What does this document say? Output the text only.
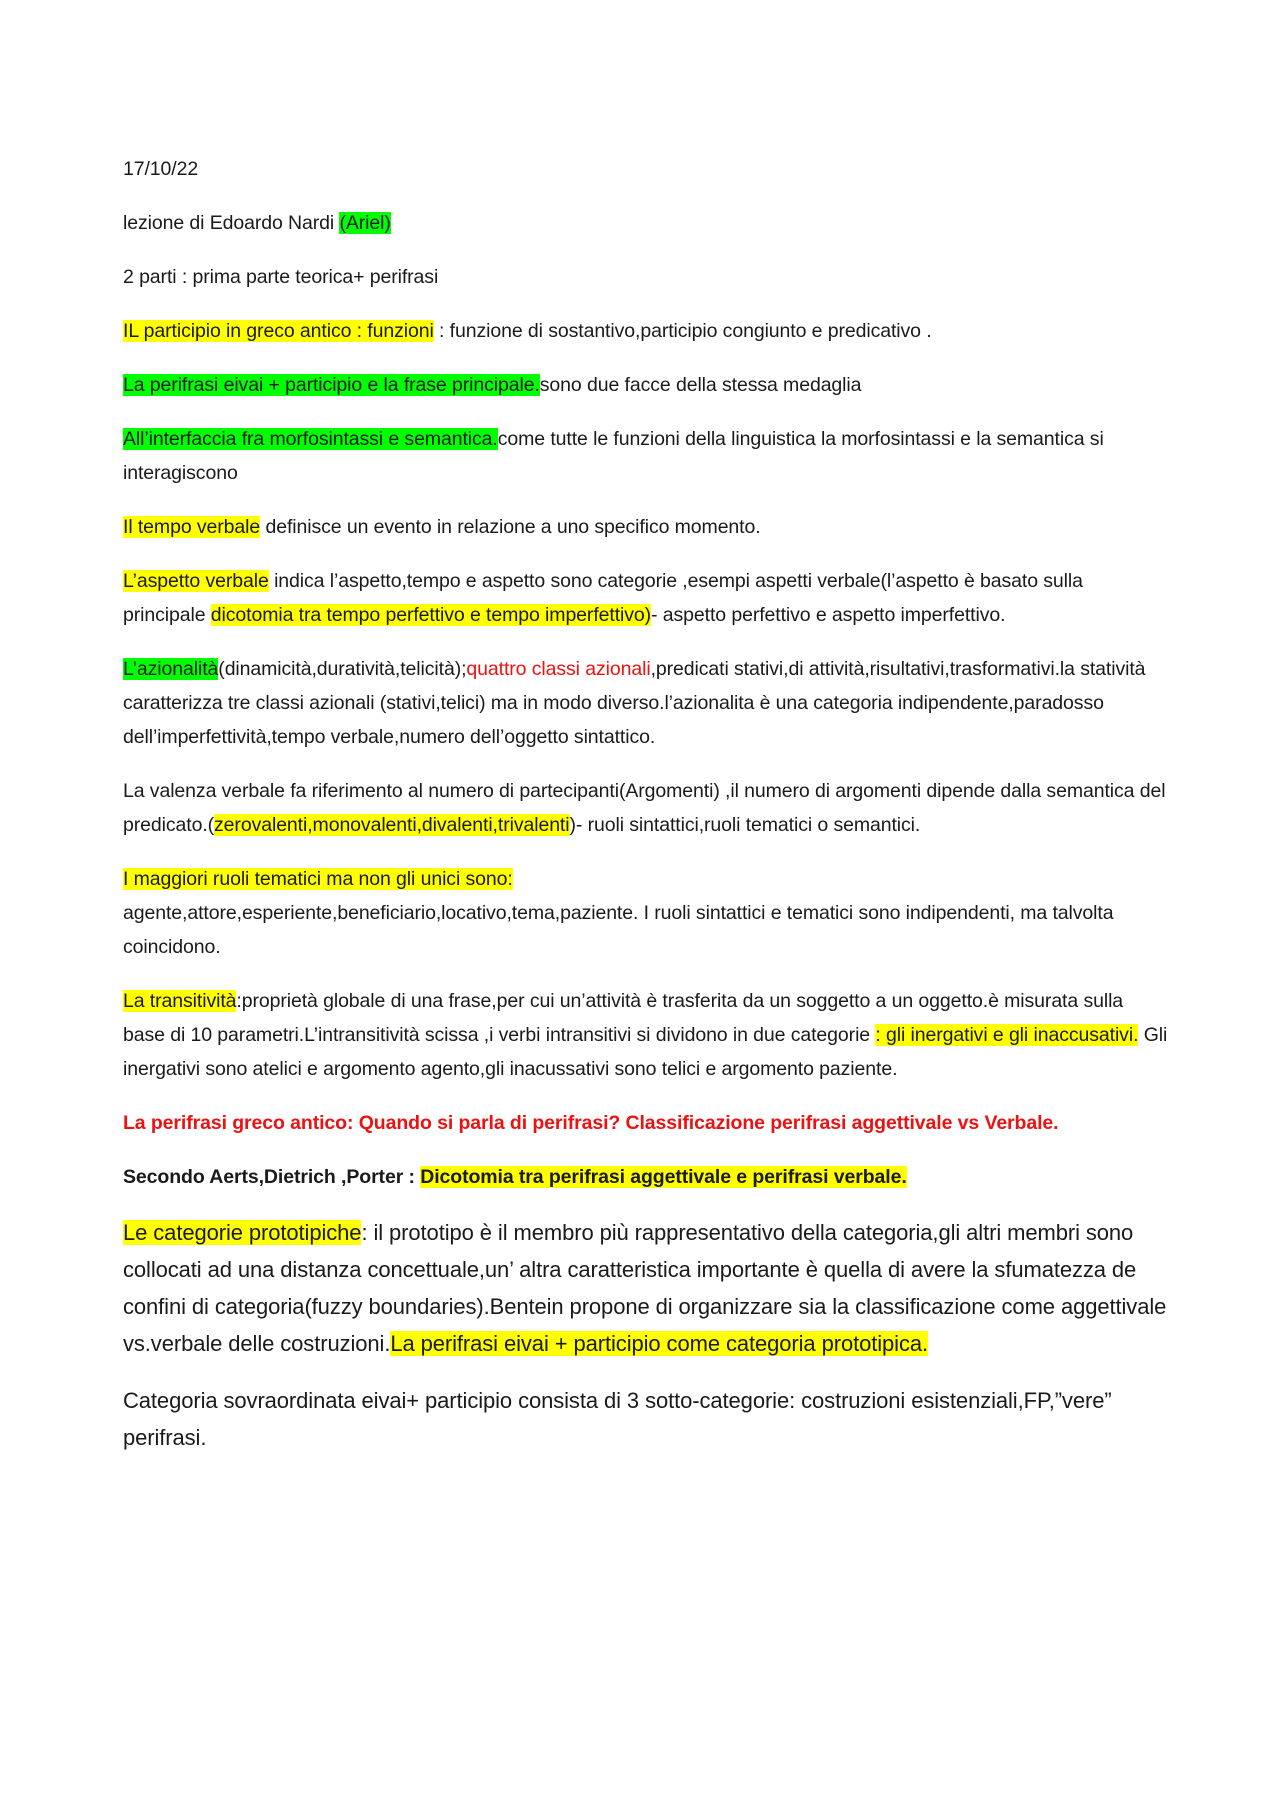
17/10/22

lezione di Edoardo Nardi (Ariel)

2 parti : prima parte teorica+ perifrasi

IL participio in greco antico : funzioni : funzione di sostantivo,participio congiunto e predicativo .

La perifrasi eivai + participio e la frase principale.sono due facce della stessa medaglia

All’interfaccia fra morfosintassi e semantica.come tutte le funzioni della linguistica la morfosintassi e la semantica si interagiscono

Il tempo verbale definisce un evento in relazione a uno specifico momento.

L’aspetto verbale indica l’aspetto,tempo e aspetto sono categorie ,esempi aspetti verbale(l’aspetto è basato sulla principale dicotomia tra tempo perfettivo e tempo imperfettivo)- aspetto perfettivo e aspetto imperfettivo.

L’azionalità(dinamicità,duratività,telicità);quattro classi azionali,predicati stativi,di attività,risultativi,trasformativi.la statività caratterizza tre classi azionali (stativi,telici) ma in modo diverso.l’azionalita è una categoria indipendente,paradosso dell’imperfettività,tempo verbale,numero dell’oggetto sintattico.

La valenza verbale fa riferimento al numero di partecipanti(Argomenti) ,il numero di argomenti dipende dalla semantica del predicato.(zerovalenti,monovalenti,divalenti,trivalenti)- ruoli sintattici,ruoli tematici o semantici.

I maggiori ruoli tematici ma non gli unici sono:

agente,attore,esperiente,beneficiario,locativo,tema,paziente. I ruoli sintattici e tematici sono indipendenti, ma talvolta coincidono.

La transitività:proprietà globale di una frase,per cui un’attività è trasferita da un soggetto a un oggetto.è misurata sulla base di 10 parametri.L’intransitività scissa ,i verbi intransitivi si dividono in due categorie : gli inergativi e gli inaccusativi. Gli inergativi sono atelici e argomento agento,gli inacussativi sono telici e argomento paziente.

La perifrasi greco antico: Quando si parla di perifrasi? Classificazione perifrasi aggettivale vs Verbale.

Secondo Aerts,Dietrich ,Porter : Dicotomia tra perifrasi aggettivale e perifrasi verbale.

Le categorie prototipiche: il prototipo è il membro più rappresentativo della categoria,gli altri membri sono collocati ad una distanza concettuale,un’ altra caratteristica importante è quella di avere la sfumatezza de confini di categoria(fuzzy boundaries).Bentein propone di organizzare sia la classificazione come aggettivale vs.verbale delle costruzioni.La perifrasi eivai + participio come categoria prototipica.

Categoria sovraordinata eivai+ participio consista di 3 sotto-categorie: costruzioni esistenziali,FP,”vere” perifrasi.
